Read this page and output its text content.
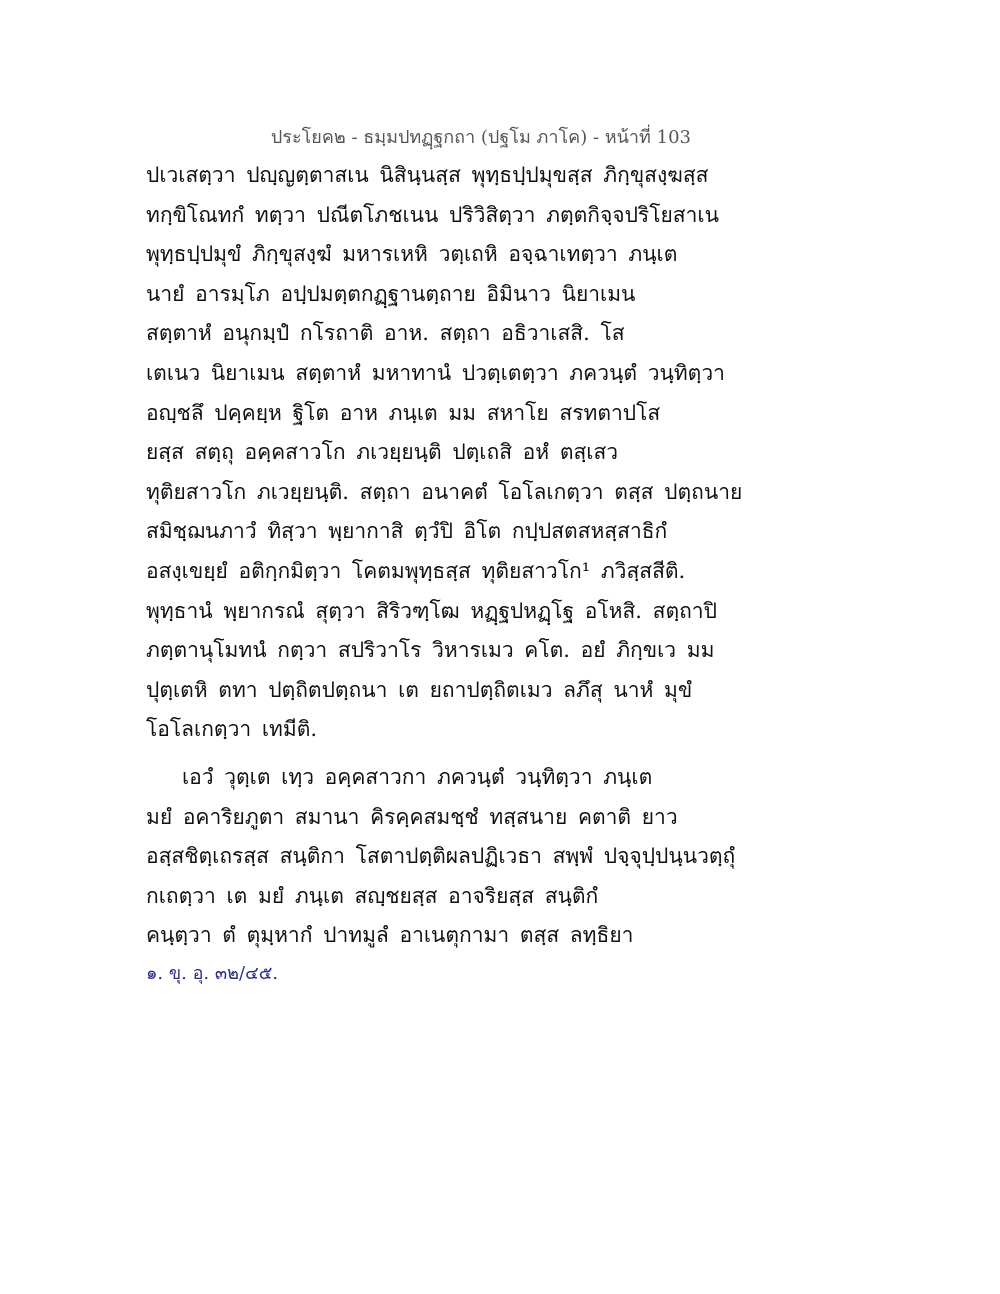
ประโยค๒ - ธมฺมปทฏฺฐกถา (ปฐโม ภาโค) - หน้าที่ 103
ปเวเสตฺวา ปญฺญตฺตาสเน นิสินฺนสฺส พุทฺธปฺปมุขสฺส ภิกฺขุสงฺฆสฺส
ทกฺขิโณทกํ ทตฺวา ปณีตโภชเนน ปริวิสิตฺวา ภตฺตกิจฺจปริโยสาเน
พุทฺธปฺปมุขํ ภิกฺขุสงฺฆํ มหารเหหิ วตฺเถหิ อจฺฉาเทตฺวา ภนฺเต
นายํ อารมฺโภ อปฺปมตฺตกฏฺฐานตฺถาย อิมินาว นิยาเมน
สตฺตาหํ อนุกมฺปํ กโรถาติ อาห. สตฺถา อธิวาเสสิ. โส
เตเนว นิยาเมน สตฺตาหํ มหาทานํ ปวตฺเตตฺวา ภควนฺตํ วนฺทิตฺวา
อญฺชลึ ปคฺคยฺห ฐิโต อาห ภนฺเต มม สหาโย สรทตาปโส
ยสฺส สตฺถุ อคฺคสาวโก ภเวยฺยนฺติ ปตฺเถสิ อหํ ตสฺเสว
ทุติยสาวโก ภเวยฺยนฺติ. สตฺถา อนาคตํ โอโลเกตฺวา ตสฺส ปตฺถนาย
สมิชฺฌนภาวํ ทิสฺวา พฺยากาสิ ตฺวํปิ อิโต กปฺปสตสหสฺสาธิกํ
อสงฺเขยฺยํ อติกฺกมิตฺวา โคตมพุทฺธสฺส ทุติยสาวโก¹ ภวิสฺสสีติ.
พุทฺธานํ พฺยากรณํ สุตฺวา สิริวฑฺโฒ หฏฺฐปหฏฺโฐ อโหสิ. สตฺถาปิ
ภตฺตานุโมทนํ กตฺวา สปริวาโร วิหารเมว คโต. อยํ ภิกฺขเว มม
ปุตฺเตหิ ตทา ปตฺถิตปตฺถนา เต ยถาปตฺถิตเมว ลภึสุ นาหํ มุขํ
โอโลเกตฺวา เทมีติ.
เอวํ วุตฺเต เทฺว อคฺคสาวกา ภควนฺตํ วนฺทิตฺวา ภนฺเต
มยํ อคาริยภูตา สมานา คิรคฺคสมชฺชํ ทสฺสนาย คตาติ ยาว
อสฺสชิตฺเถรสฺส สนฺติกา โสตาปตฺติผลปฏิเวธา สพฺพํ ปจฺจุปฺปนฺนวตฺถุํ
กเถตฺวา เต มยํ ภนฺเต สญฺชยสฺส อาจริยสฺส สนฺติกํ
คนฺตฺวา ตํ ตุมฺหากํ ปาทมูลํ อาเนตุกามา ตสฺส ลทฺธิยา
๑. ขุ. อุ. ๓๒/๔๕.
